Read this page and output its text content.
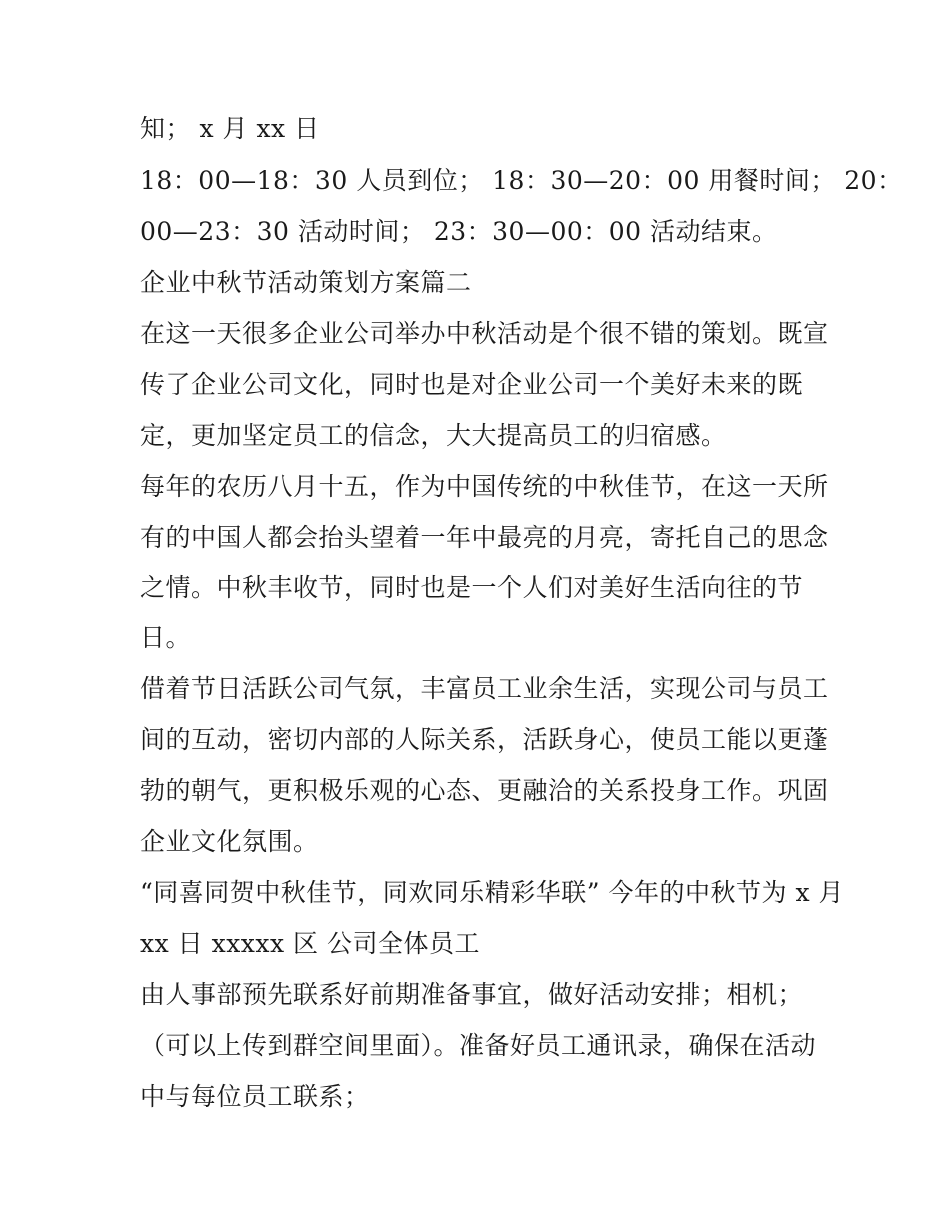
知； x 月 xx 日
18：00—18：30 人员到位； 18：30—20：00 用餐时间； 20：
00—23：30 活动时间； 23：30—00：00 活动结束。
企业中秋节活动策划方案篇二
在这一天很多企业公司举办中秋活动是个很不错的策划。既宣
传了企业公司文化，同时也是对企业公司一个美好未来的既
定，更加坚定员工的信念，大大提高员工的归宿感。
每年的农历八月十五，作为中国传统的中秋佳节，在这一天所
有的中国人都会抬头望着一年中最亮的月亮，寄托自己的思念
之情。中秋丰收节，同时也是一个人们对美好生活向往的节
日。
借着节日活跃公司气氛，丰富员工业余生活，实现公司与员工
间的互动，密切内部的人际关系，活跃身心，使员工能以更蓬
勃的朝气，更积极乐观的心态、更融洽的关系投身工作。巩固
企业文化氛围。
“同喜同贺中秋佳节，同欢同乐精彩华联” 今年的中秋节为 x 月
xx 日 xxxxx 区 公司全体员工
由人事部预先联系好前期准备事宜，做好活动安排；相机；
（可以上传到群空间里面）。准备好员工通讯录，确保在活动
中与每位员工联系；
